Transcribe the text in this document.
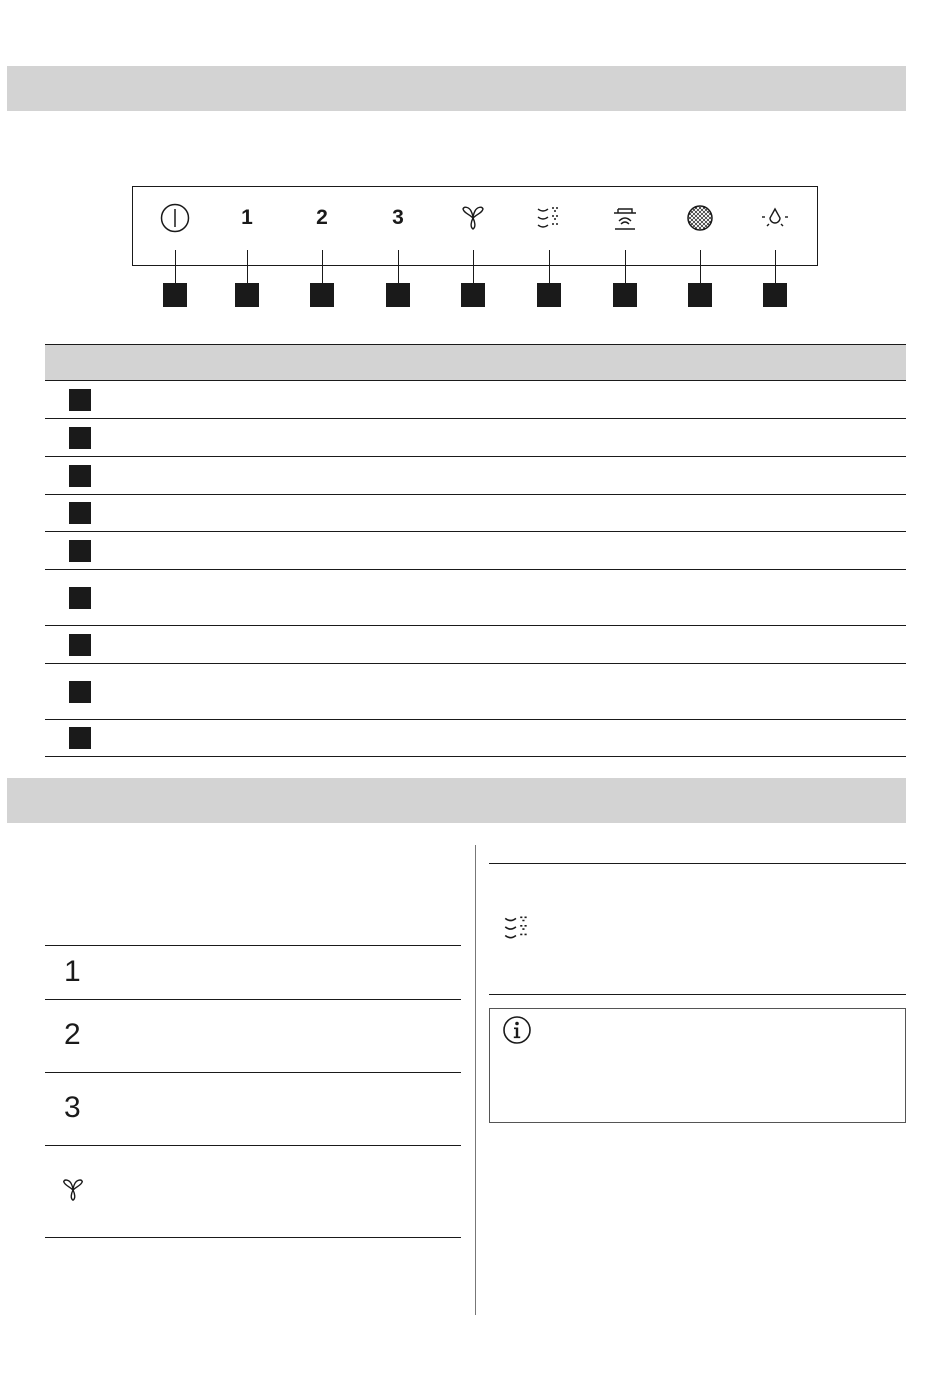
1	2	3
1
2
3
